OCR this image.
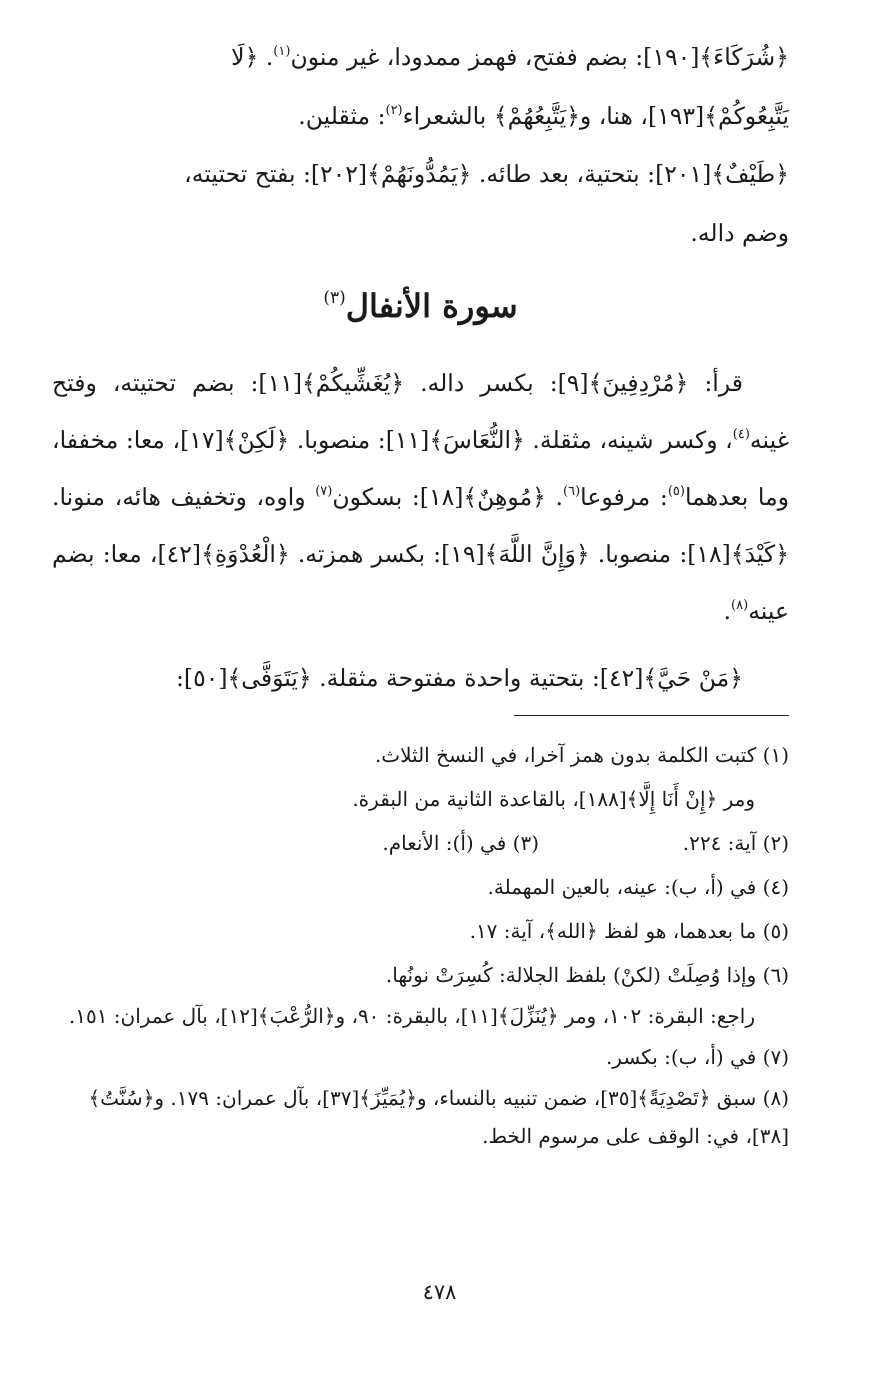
﴿شُرَكَاءَ﴾[١٩٠]: بضم ففتح، فهمز ممدودا، غير منون$^{(١)}$. ﴿لَا

يَتَّبِعُوكُمْ﴾[١٩٣]، هنا، و﴿يَتَّبِعُهُمْ﴾ بالشعراء$^{(٢)}$: مثقلين.

﴿طَيْفٌ﴾[٢٠١]: بتحتية، بعد طائه. ﴿يَمُدُّونَهُمْ﴾[٢٠٢]: بفتح تحتيته،

وضم داله.

سورة الأنفال$^{(٣)}$

قرأ: ﴿مُرْدِفِينَ﴾[٩]: بكسر داله. ﴿يُغَشِّيكُمْ﴾[١١]: بضم تحتيته، وفتح غينه$^{(٤)}$، وكسر شينه، مثقلة. ﴿النُّعَاسَ﴾[١١]: منصوبا. ﴿لَكِنْ﴾[١٧]، معا: مخففا، وما بعدهما$^{(٥)}$: مرفوعا$^{(٦)}$. ﴿مُوهِنٌ﴾[١٨]: بسكون$^{(٧)}$ واوه، وتخفيف هائه، منونا. ﴿كَيْدَ﴾[١٨]: منصوبا. ﴿وَإِنَّ اللَّهَ﴾[١٩]: بكسر همزته. ﴿الْعُدْوَةِ﴾[٤٢]، معا: بضم عينه$^{(٨)}$.

﴿مَنْ حَيَّ﴾[٤٢]: بتحتية واحدة مفتوحة مثقلة. ﴿يَتَوَفَّى﴾[٥٠]:

(١) كتبت الكلمة بدون همز آخرا، في النسخ الثلاث.

ومر ﴿إِنْ أَنَا إِلَّا﴾[١٨٨]، بالقاعدة الثانية من البقرة.

(٢) آية: ٢٢٤.
(٣) في (أ): الأنعام.

(٤) في (أ، ب): عينه، بالعين المهملة.

(٥) ما بعدهما، هو لفظ ﴿الله﴾، آية: ١٧.

(٦) وإذا وُصِلَتْ (لكنْ) بلفظ الجلالة: كُسِرَتْ نونُها.

راجع: البقرة: ١٠٢، ومر ﴿يُنَزِّلَ﴾[١١]، بالبقرة: ٩٠، و﴿الرُّعْبَ﴾[١٢]، بآل عمران: ١٥١.

(٧) في (أ، ب): بكسر.

(٨) سبق ﴿تَصْدِيَةً﴾[٣٥]، ضمن تنبيه بالنساء، و﴿يُمَيِّزَ﴾[٣٧]، بآل عمران: ١٧٩. و﴿سُنَّتُ﴾[٣٨]، في: الوقف على مرسوم الخط.

٤٧٨
